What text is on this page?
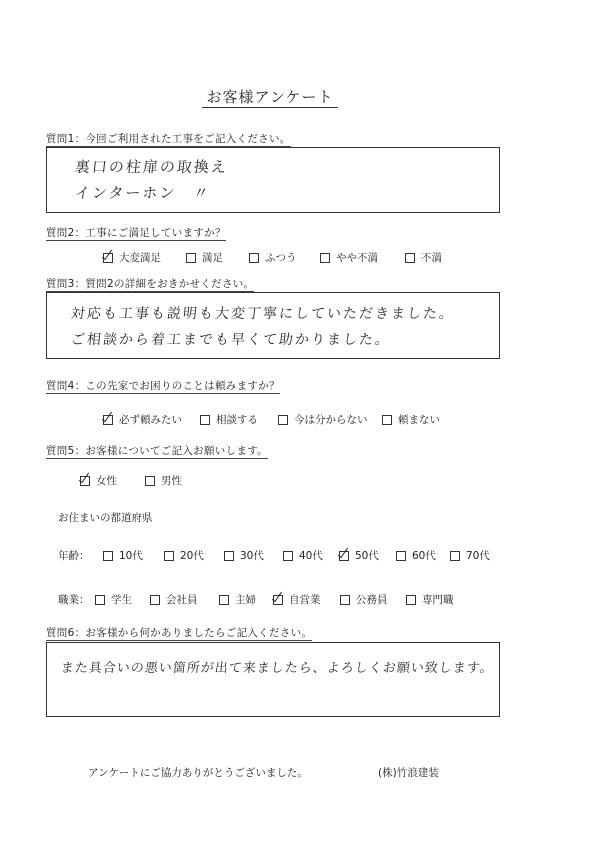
お客様アンケート
質問1：今回ご利用された工事をご記入ください。
裏口の柱扉の取換え
インターホン　〃
質問2：工事にご満足していますか？
大変満足	満足	ふつう	やや不満	不満
質問3：質問2の詳細をおきかせください。
対応も工事も説明も大変丁寧にしていただきました。
ご相談から着工までも早くて助かりました。
質問4：この先家でお困りのことは頼みますか？
必ず頼みたい	相談する	今は分からない	頼まない
質問5：お客様についてご記入お願いします。
女性	男性
お住まいの都道府県
年齢：	10代	20代	30代	40代	50代	60代	70代
職業： 学生	会社員	主婦	自営業	公務員	専門職
質問6：お客様から何かありましたらご記入ください。
また具合いの悪い箇所が出て来ましたら、よろしくお願い致します。
アンケートにご協力ありがとうございました。	(株)竹浪建装
